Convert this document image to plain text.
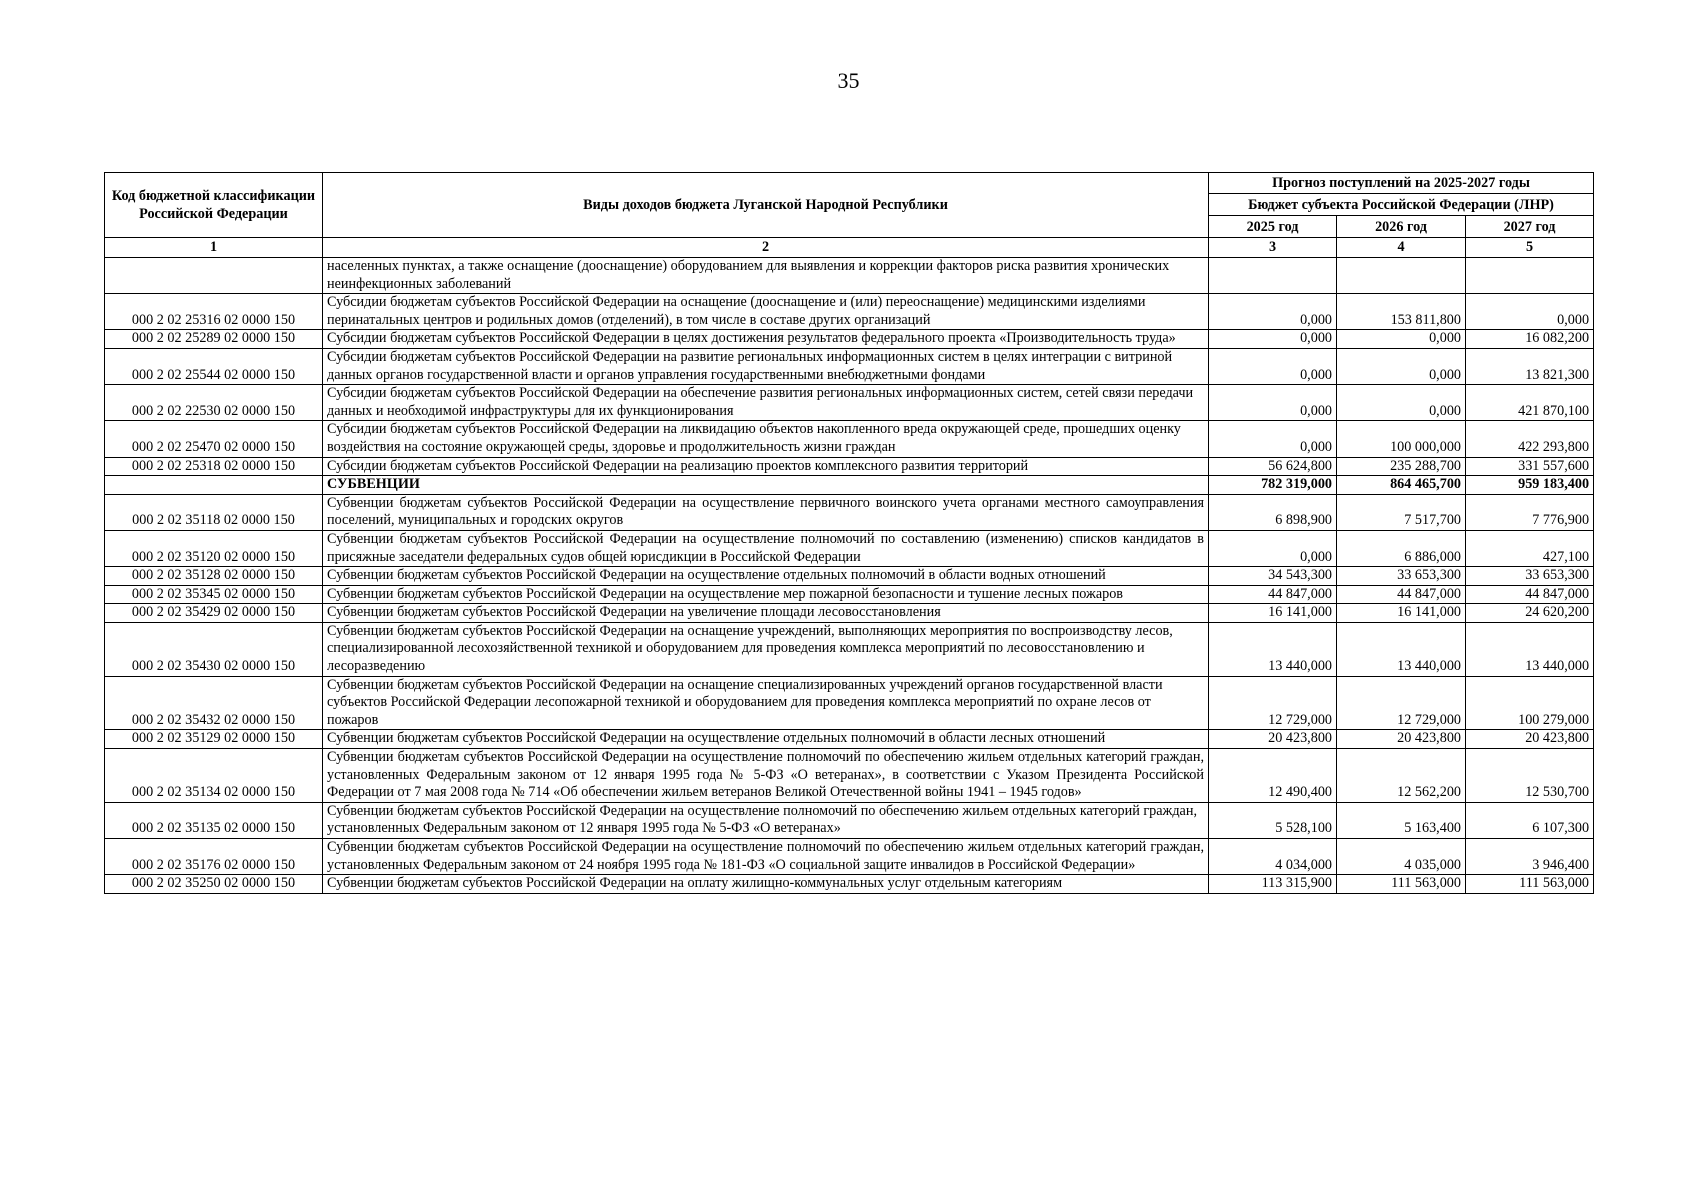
35
Код бюджетной классификации Российской Федерации	Виды доходов бюджета Луганской Народной Республики	Прогноз поступлений на 2025-2027 годы		
		Бюджет субъекта Российской Федерации (ЛНР)		
		2025 год	2026 год	2027 год
1	2	3	4	5
	населенных пунктах, а также оснащение (дооснащение) оборудованием для выявления и коррекции факторов риска развития хронических неинфекционных заболеваний			
000 2 02 25316 02 0000 150	Субсидии бюджетам субъектов Российской Федерации на оснащение (дооснащение и (или) переоснащение) медицинскими изделиями перинатальных центров и родильных домов (отделений), в том числе в составе других организаций	0,000	153 811,800	0,000
000 2 02 25289 02 0000 150	Субсидии бюджетам субъектов Российской Федерации в целях достижения результатов федерального проекта «Производительность труда»	0,000	0,000	16 082,200
000 2 02 25544 02 0000 150	Субсидии бюджетам субъектов Российской Федерации на развитие региональных информационных систем в целях интеграции с витриной данных органов государственной власти и органов управления государственными внебюджетными фондами	0,000	0,000	13 821,300
000 2 02 22530 02 0000 150	Субсидии бюджетам субъектов Российской Федерации на обеспечение развития региональных информационных систем, сетей связи передачи данных и необходимой инфраструктуры для их функционирования	0,000	0,000	421 870,100
000 2 02 25470 02 0000 150	Субсидии бюджетам субъектов Российской Федерации на ликвидацию объектов накопленного вреда окружающей среде, прошедших оценку воздействия на состояние окружающей среды, здоровье и продолжительность жизни граждан	0,000	100 000,000	422 293,800
000 2 02 25318 02 0000 150	Субсидии бюджетам субъектов Российской Федерации на реализацию проектов комплексного развития территорий	56 624,800	235 288,700	331 557,600
	СУБВЕНЦИИ	782 319,000	864 465,700	959 183,400
000 2 02 35118 02 0000 150	Субвенции бюджетам субъектов Российской Федерации на осуществление первичного воинского учета органами местного самоуправления поселений, муниципальных и городских округов	6 898,900	7 517,700	7 776,900
000 2 02 35120 02 0000 150	Субвенции бюджетам субъектов Российской Федерации на осуществление полномочий по составлению (изменению) списков кандидатов в присяжные заседатели федеральных судов общей юрисдикции в Российской Федерации	0,000	6 886,000	427,100
000 2 02 35128 02 0000 150	Субвенции бюджетам субъектов Российской Федерации на осуществление отдельных полномочий в области водных отношений	34 543,300	33 653,300	33 653,300
000 2 02 35345 02 0000 150	Субвенции бюджетам субъектов Российской Федерации на осуществление мер пожарной безопасности и тушение лесных пожаров	44 847,000	44 847,000	44 847,000
000 2 02 35429 02 0000 150	Субвенции бюджетам субъектов Российской Федерации на увеличение площади лесовосстановления	16 141,000	16 141,000	24 620,200
000 2 02 35430 02 0000 150	Субвенции бюджетам субъектов Российской Федерации на оснащение учреждений, выполняющих мероприятия по воспроизводству лесов, специализированной лесохозяйственной техникой и оборудованием для проведения комплекса мероприятий по лесовосстановлению и лесоразведению	13 440,000	13 440,000	13 440,000
000 2 02 35432 02 0000 150	Субвенции бюджетам субъектов Российской Федерации на оснащение специализированных учреждений органов государственной власти субъектов Российской Федерации лесопожарной техникой и оборудованием для проведения комплекса мероприятий по охране лесов от пожаров	12 729,000	12 729,000	100 279,000
000 2 02 35129 02 0000 150	Субвенции бюджетам субъектов Российской Федерации на осуществление отдельных полномочий в области лесных отношений	20 423,800	20 423,800	20 423,800
000 2 02 35134 02 0000 150	Субвенции бюджетам субъектов Российской Федерации на осуществление полномочий по обеспечению жильем отдельных категорий граждан, установленных Федеральным законом от 12 января 1995 года № 5-ФЗ «О ветеранах», в соответствии с Указом Президента Российской Федерации от 7 мая 2008 года № 714 «Об обеспечении жильем ветеранов Великой Отечественной войны 1941 – 1945 годов»	12 490,400	12 562,200	12 530,700
000 2 02 35135 02 0000 150	Субвенции бюджетам субъектов Российской Федерации на осуществление полномочий по обеспечению жильем отдельных категорий граждан, установленных Федеральным законом от 12 января 1995 года № 5-ФЗ «О ветеранах»	5 528,100	5 163,400	6 107,300
000 2 02 35176 02 0000 150	Субвенции бюджетам субъектов Российской Федерации на осуществление полномочий по обеспечению жильем отдельных категорий граждан, установленных Федеральным законом от 24 ноября 1995 года № 181-ФЗ «О социальной защите инвалидов в Российской Федерации»	4 034,000	4 035,000	3 946,400
000 2 02 35250 02 0000 150	Субвенции бюджетам субъектов Российской Федерации на оплату жилищно-коммунальных услуг отдельным категориям	113 315,900	111 563,000	111 563,000
